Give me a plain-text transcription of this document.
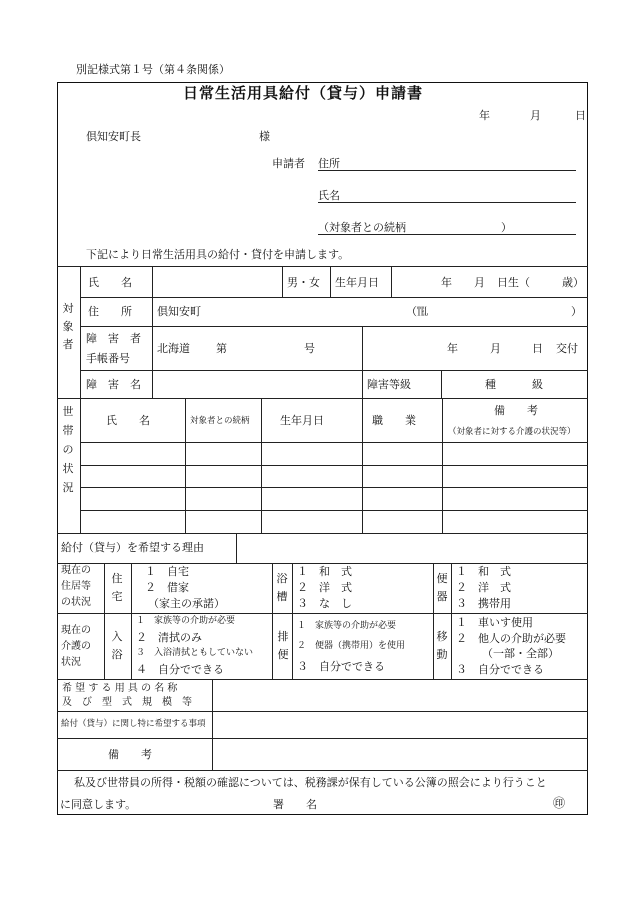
別記様式第１号（第４条関係）
日常生活用具給付（貸与）申請書
年	月	日
倶知安町長	様
申請者 住所
氏名
（対象者との続柄	）
下記により日常生活用具の給付・貸付を申請します。
対象者
氏　　名	男・女 生年月日	年 月 日生（	歳）
住　　所 倶知安町	（℡	）
障　害　者
手帳番号
北海道 第	号	年	月	日 交付
障　害　名	障害等級	種	級
世帯の状況
氏　　名	対象者との続柄	生年月日	職　　業
備　　考
（対象者に対する介護の状況等）
給付（貸与）を希望する理由
現在の
住居等
の状況
住宅
１　自宅
２　借家
（家主の承諾）
浴槽
１　和　式
２　洋　式
３　な　し
便器
１　和　式
２　洋　式
３　携帯用
現在の
介護の
状況
入浴
１　家族等の介助が必要
２　清拭のみ
３　入浴清拭ともしていない
４　自分でできる
排便
１　家族等の介助が必要
２　便器（携帯用）を使用
３　自分でできる
移動
１　車いす使用
２　他人の介助が必要
（一部・全部）
３　自分でできる
希 望 す る 用 具 の 名 称
及　び　型　式　規　模　等
給付（貸与）に関し特に希望する事項
備　　考
私及び世帯員の所得・税額の確認については、税務課が保有している公簿の照会により行うこと
に同意します。	署　　名	㊞
